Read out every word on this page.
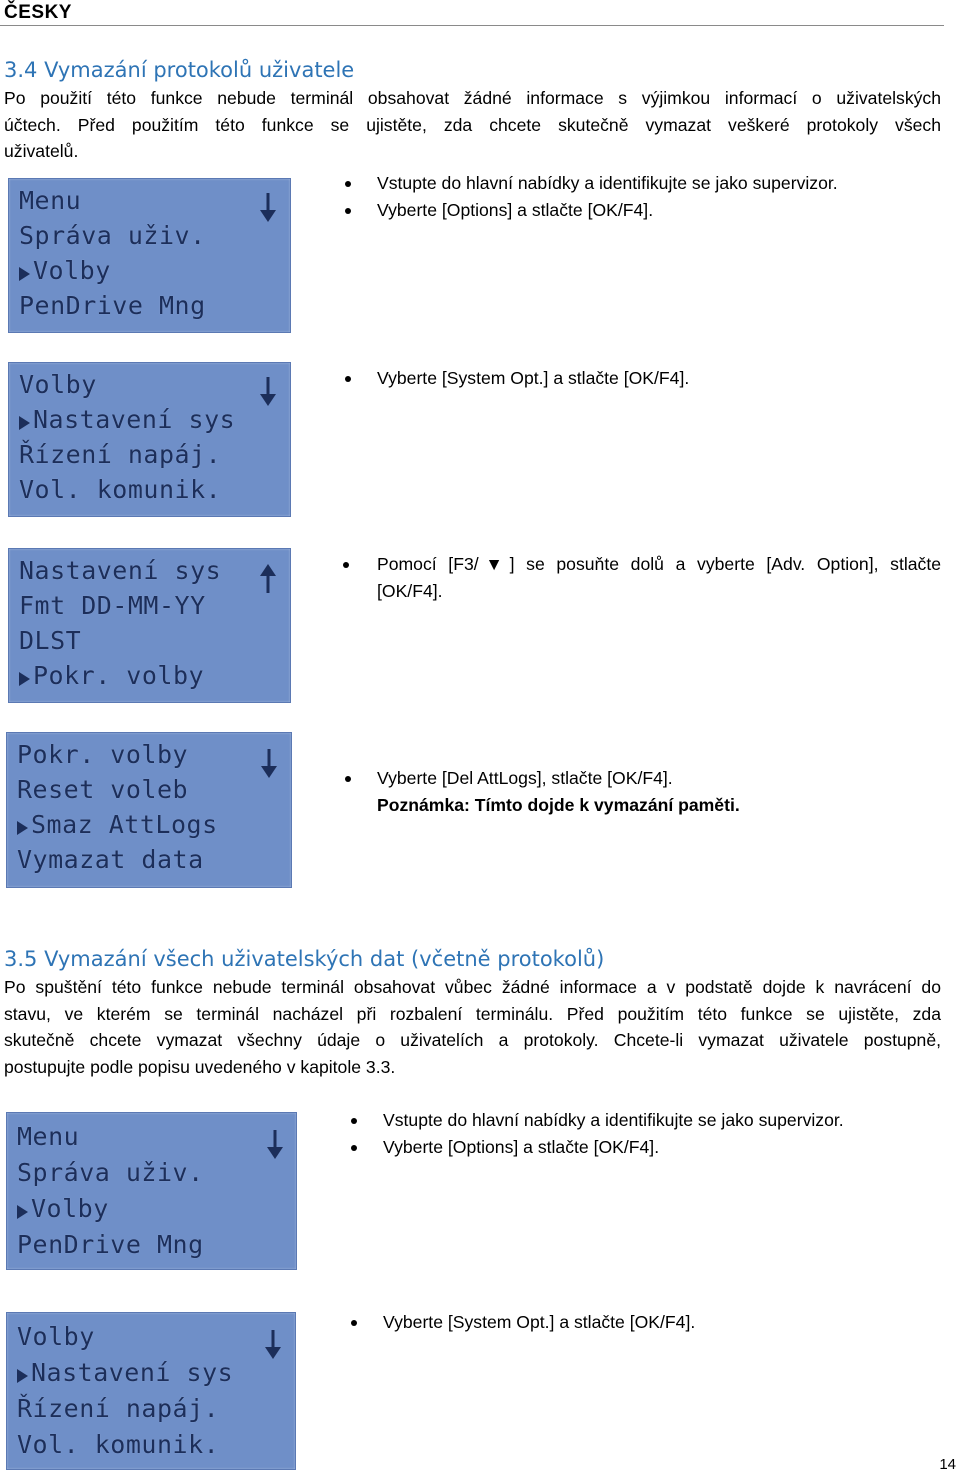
ČESKY
3.4 Vymazání protokolů uživatele
Po použití této funkce nebude terminál obsahovat žádné informace s výjimkou informací o uživatelských
účtech. Před použitím této funkce se ujistěte, zda chcete skutečně vymazat veškeré protokoly všech
uživatelů.
Menu
Správa uživ.
Volby
PenDrive Mng
Vstupte do hlavní nabídky a identifikujte se jako supervizor.
Vyberte [Options] a stlačte [OK/F4].
Volby
Nastavení sys
Řízení napáj.
Vol. komunik.
Vyberte [System Opt.] a stlačte [OK/F4].
Nastavení sys
Fmt DD-MM-YY
DLST
Pokr. volby
Pomocí [F3/▼] se posuňte dolů a vyberte [Adv. Option], stlačte
[OK/F4].
Pokr. volby
Reset voleb
Smaz AttLogs
Vymazat data
Vyberte [Del AttLogs], stlačte [OK/F4].
Poznámka: Tímto dojde k vymazání paměti.
3.5 Vymazání všech uživatelských dat (včetně protokolů)
Po spuštění této funkce nebude terminál obsahovat vůbec žádné informace a v podstatě dojde k navrácení do
stavu, ve kterém se terminál nacházel při rozbalení terminálu. Před použitím této funkce se ujistěte, zda
skutečně chcete vymazat všechny údaje o uživatelích a protokoly. Chcete-li vymazat uživatele postupně,
postupujte podle popisu uvedeného v kapitole 3.3.
Menu
Správa uživ.
Volby
PenDrive Mng
Vstupte do hlavní nabídky a identifikujte se jako supervizor.
Vyberte [Options] a stlačte [OK/F4].
Volby
Nastavení sys
Řízení napáj.
Vol. komunik.
Vyberte [System Opt.] a stlačte [OK/F4].
14
